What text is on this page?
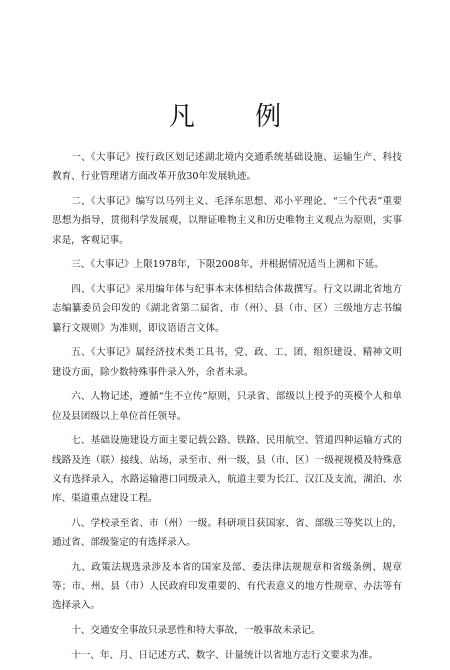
凡 例

一、《大事记》按行政区划记述湖北境内交通系统基础设施、运输生产、科技教育、行业管理诸方面改革开放30年发展轨迹。

二、《大事记》编写以马列主义、毛泽东思想、邓小平理论、“三个代表”重要思想为指导，贯彻科学发展观，以辩证唯物主义和历史唯物主义观点为原则，实事求是，客观记事。

三、《大事记》上限1978年，下限2008年，并根据情况适当上溯和下延。

四、《大事记》采用编年体与纪事本末体相结合体裁撰写。行文以湖北省地方志编纂委员会印发的《湖北省第二届省、市（州）、县（市、区）三级地方志书编纂行文规则》为准则，即议语语言文体。

五、《大事记》属经济技术类工具书，党、政、工、团、组织建设、精神文明建设方面，除少数特殊事件录入外，余者未录。

六、人物记述，遵循“生不立传”原则，只录省、部级以上授予的英模个人和单位及县团级以上单位首任领导。

七、基础设施建设方面主要记载公路、铁路、民用航空、管道四种运输方式的线路及连（联）接线、站场，录至市、州一级，县（市、区）一级视规模及特殊意义有选择录入，水路运输港口同级录入，航道主要为长江、汉江及支流，湖泊、水库、渠道重点建设工程。

八、学校录至省、市（州）一级。科研项目获国家、省、部级三等奖以上的，通过省、部级鉴定的有选择录入。

九、政策法规选录涉及本省的国家及部、委法律法规规章和省级条例、规章等；市、州、县（市）人民政府印发重要的、有代表意义的地方性规章、办法等有选择录入。

十、交通安全事故只录恶性和特大事故，一般事故未录记。

十一、年、月、日记述方式、数字、计量统计以省地方志行文要求为准。
